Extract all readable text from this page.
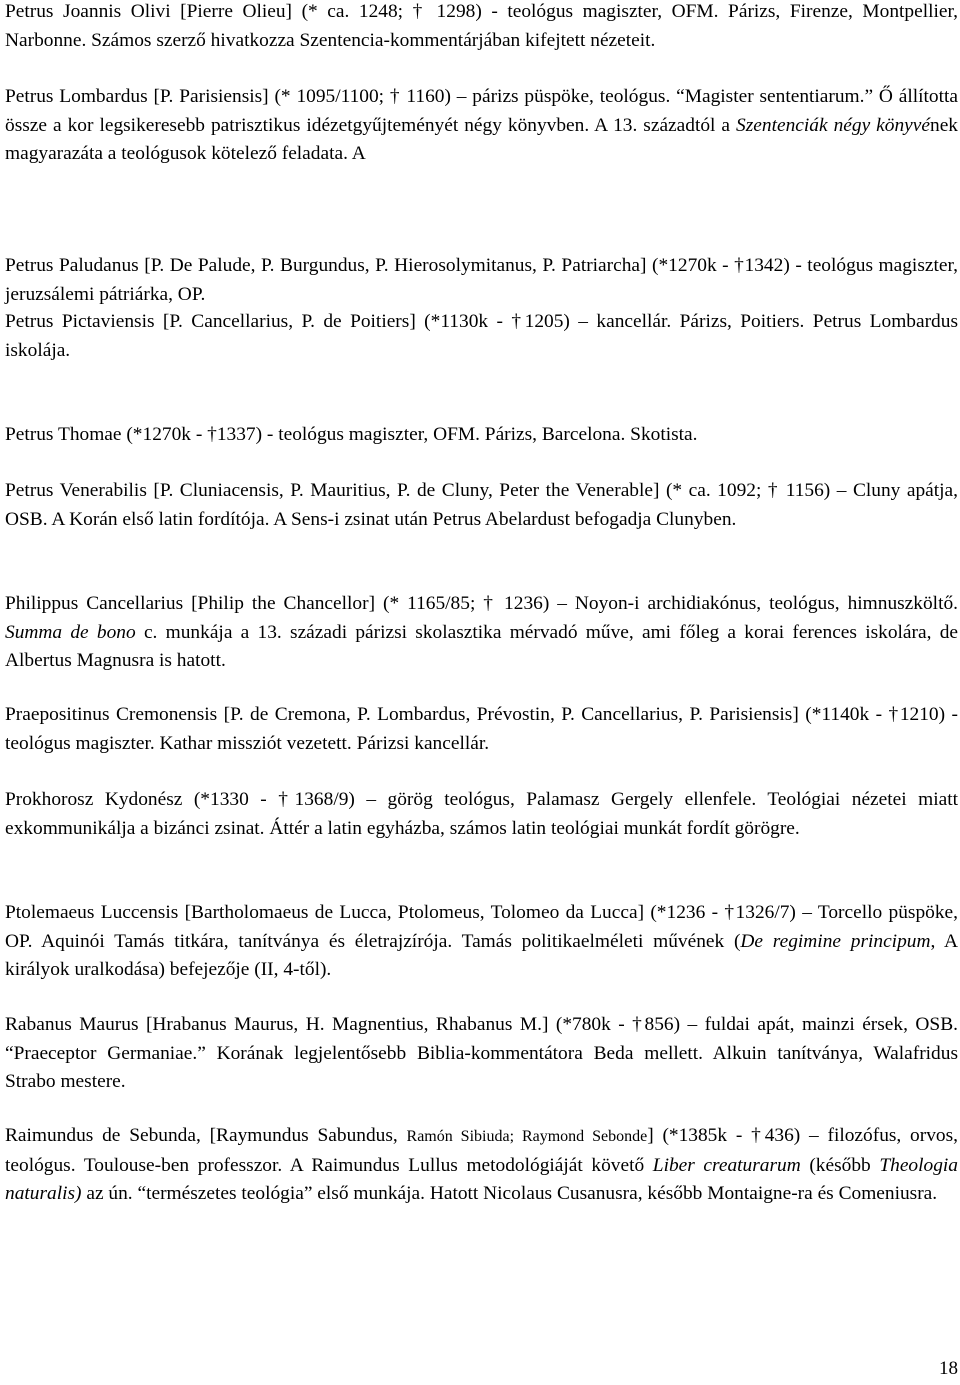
Petrus Joannis Olivi [Pierre Olieu] (* ca. 1248; † 1298) - teológus magiszter, OFM. Párizs, Firenze, Montpellier, Narbonne. Számos szerző hivatkozza Szentencia-kommentárjában kifejtett nézeteit.

Petrus Lombardus [P. Parisiensis] (* 1095/1100; † 1160) ‒ párizs püspöke, teológus. “Magister sententiarum.” Ő állította össze a kor legsikeresebb patrisztikus idézetgyűjteményét négy könyvben. A 13. századtól a Szentenciák négy könyvének magyarazáta a teológusok kötelező feladata. A

Petrus Paludanus [P. De Palude, P. Burgundus, P. Hierosolymitanus, P. Patriarcha] (*1270k - †1342) - teológus magiszter, jeruzsálemi pátriárka, OP.

Petrus Pictaviensis [P. Cancellarius, P. de Poitiers] (*1130k - †1205) ‒ kancellár. Párizs, Poitiers. Petrus Lombardus iskolája.

Petrus Thomae (*1270k - †1337) - teológus magiszter, OFM. Párizs, Barcelona. Skotista.

Petrus Venerabilis [P. Cluniacensis, P. Mauritius, P. de Cluny, Peter the Venerable] (* ca. 1092; † 1156) ‒ Cluny apátja, OSB. A Korán első latin fordítója. A Sens-i zsinat után Petrus Abelardust befogadja Clunyben.

Philippus Cancellarius [Philip the Chancellor] (* 1165/85; † 1236) ‒ Noyon-i archidiakónus, teológus, himnuszköltő. Summa de bono c. munkája a 13. századi párizsi skolasztika mérvadó műve, ami főleg a korai ferences iskolára, de Albertus Magnusra is hatott.

Praepositinus Cremonensis [P. de Cremona, P. Lombardus, Prévostin, P. Cancellarius, P. Parisiensis] (*1140k - †1210) - teológus magiszter. Kathar missziót vezetett. Párizsi kancellár.

Prokhorosz Kydonész (*1330 - †1368/9) ‒ görög teológus, Palamasz Gergely ellenfele. Teológiai nézetei miatt exkommunikálja a bizánci zsinat. Áttér a latin egyházba, számos latin teológiai munkát fordít görögre.

Ptolemaeus Luccensis [Bartholomaeus de Lucca, Ptolomeus, Tolomeo da Lucca] (*1236 - †1326/7) ‒ Torcello püspöke, OP. Aquinói Tamás titkára, tanítványa és életrajzírója. Tamás politikaelméleti művének (De regimine principum, A királyok uralkodása) befejezője (II, 4-től).

Rabanus Maurus [Hrabanus Maurus, H. Magnentius, Rhabanus M.] (*780k - †856) ‒ fuldai apát, mainzi érsek, OSB. “Praeceptor Germaniae.” Korának legjelentősebb Biblia-kommentátora Beda mellett. Alkuin tanítványa, Walafridus Strabo mestere.

Raimundus de Sebunda, [Raymundus Sabundus, Ramón Sibiuda; Raymond Sebonde] (*1385k - †436) ‒ filozófus, orvos, teológus. Toulouse-ben professzor. A Raimundus Lullus metodológiáját követő Liber creaturarum (később Theologia naturalis) az ún. “természetes teológia” első munkája. Hatott Nicolaus Cusanusra, később Montaigne-ra és Comeniusra.

18
